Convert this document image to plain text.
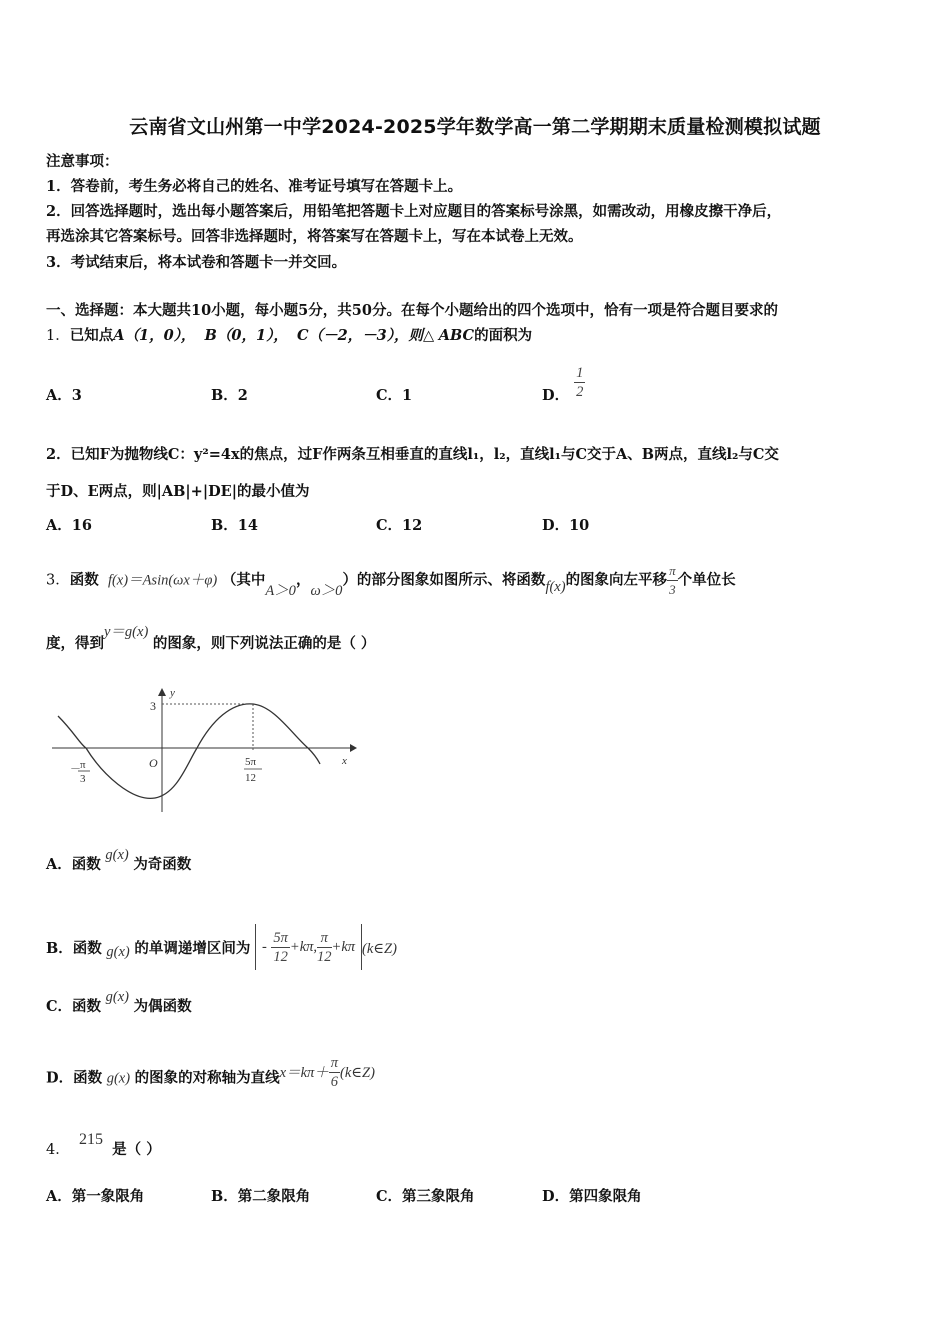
云南省文山州第一中学2024-2025学年数学高一第二学期期末质量检测模拟试题
注意事项：
1．答卷前，考生务必将自己的姓名、准考证号填写在答题卡上。
2．回答选择题时，选出每小题答案后，用铅笔把答题卡上对应题目的答案标号涂黑，如需改动，用橡皮擦干净后，
再选涂其它答案标号。回答非选择题时，将答案写在答题卡上，写在本试卷上无效。
3．考试结束后，将本试卷和答题卡一并交回。
一、选择题：本大题共10小题，每小题5分，共50分。在每个小题给出的四个选项中，恰有一项是符合题目要求的
1．已知点A（1，0）， B（0，1）， C（－2，－3），则△ ABC的面积为
A．3	B．2	C．1	D． $\frac{1}{2}$
2．已知F为抛物线C：y²=4x的焦点，过F作两条互相垂直的直线l₁，l₂，直线l₁与C交于A、B两点，直线l₂与C交
于D、E两点，则|AB|+|DE|的最小值为
A．16	B．14	C．12	D．10
3．函数 f(x)＝Asin(ωx＋φ) （其中A＞0，ω＞0）的部分图象如图所示、将函数f(x)的图象向左平移 $\frac{\pi}{3}$ 个单位长
度，得到y＝g(x) 的图象，则下列说法正确的是（ ）
y
x
O
3
－ π
3
5π
12
A．函数 g(x) 为奇函数
B．函数 g(x) 的单调递增区间为 - $\frac{5\pi}{12} +k\pi$, $\frac{\pi}{12} +k\pi$ (k∈Z)
C．函数 g(x) 为偶函数
D．函数 g(x) 的图象的对称轴为直线$x=k\pi+ \frac{\pi}{6}$ (k∈Z)
4．  215  是（ ）
A．第一象限角	B．第二象限角	C．第三象限角	D．第四象限角
